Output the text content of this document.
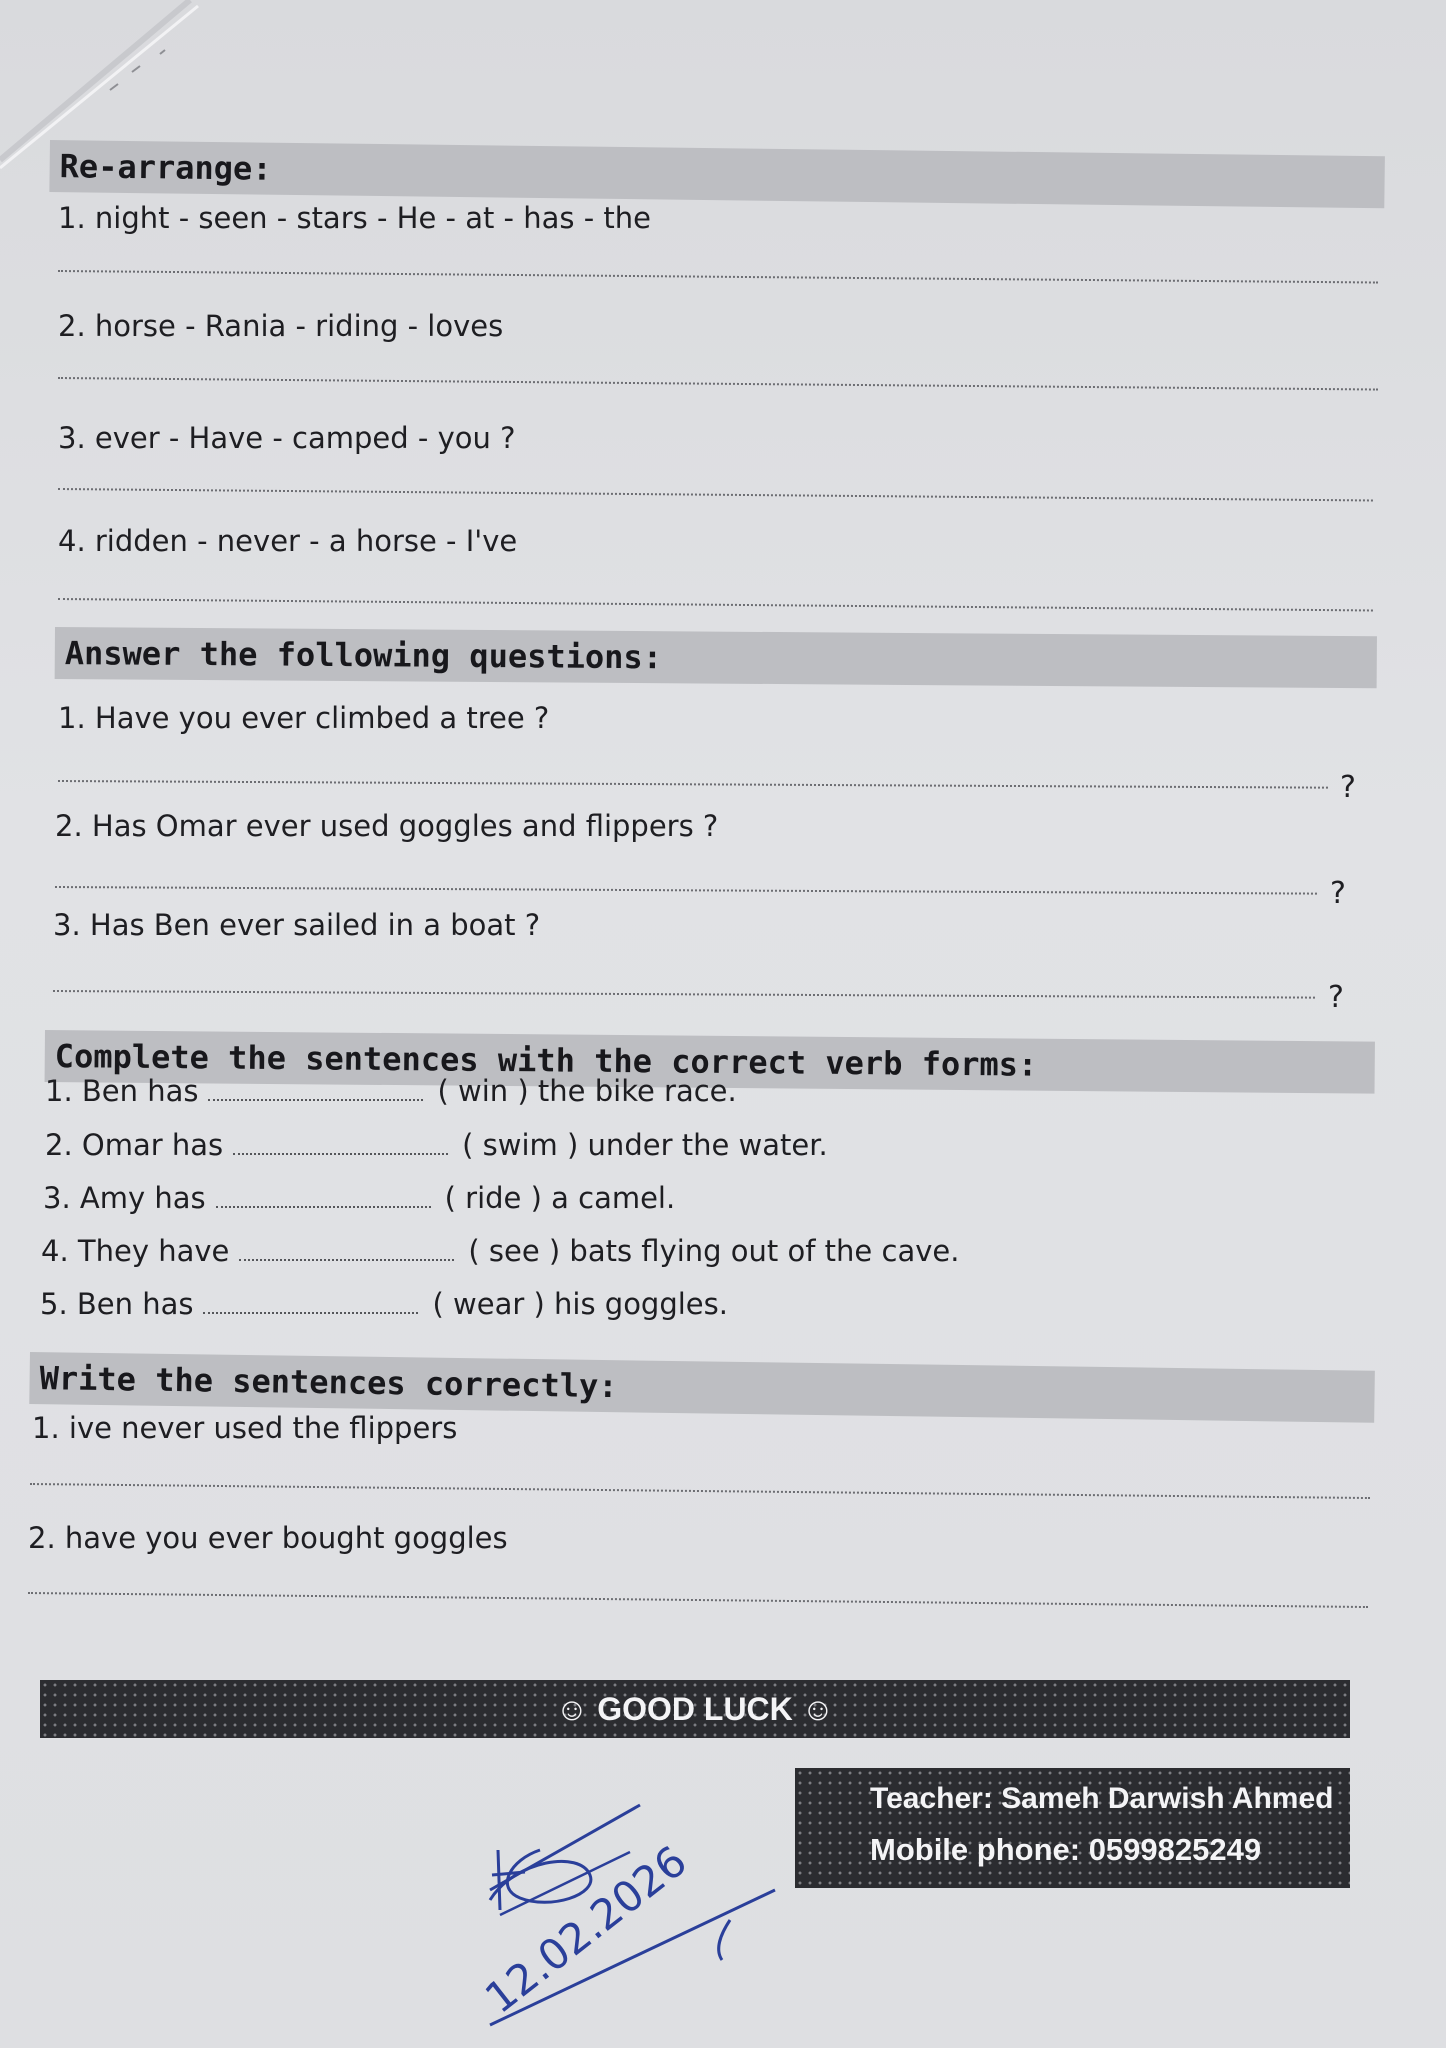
Re-arrange:
1. night - seen - stars - He - at - has - the
2. horse - Rania - riding - loves
3. ever - Have - camped - you ?
4. ridden - never - a horse - I've
Answer the following questions:
1. Have you ever climbed a tree ?
?
2. Has Omar ever used goggles and flippers ?
?
3. Has Ben ever sailed in a boat ?
?
Complete the sentences with the correct verb forms:
1. Ben has	( win ) the bike race.
2. Omar has	( swim ) under the water.
3. Amy has	( ride ) a camel.
4. They have	( see ) bats flying out of the cave.
5. Ben has	( wear ) his goggles.
Write the sentences correctly:
1. ive never used the flippers
2. have you ever bought goggles
☺ GOOD LUCK ☺
Teacher: Sameh Darwish Ahmed
Mobile phone: 0599825249
12.02.2026
